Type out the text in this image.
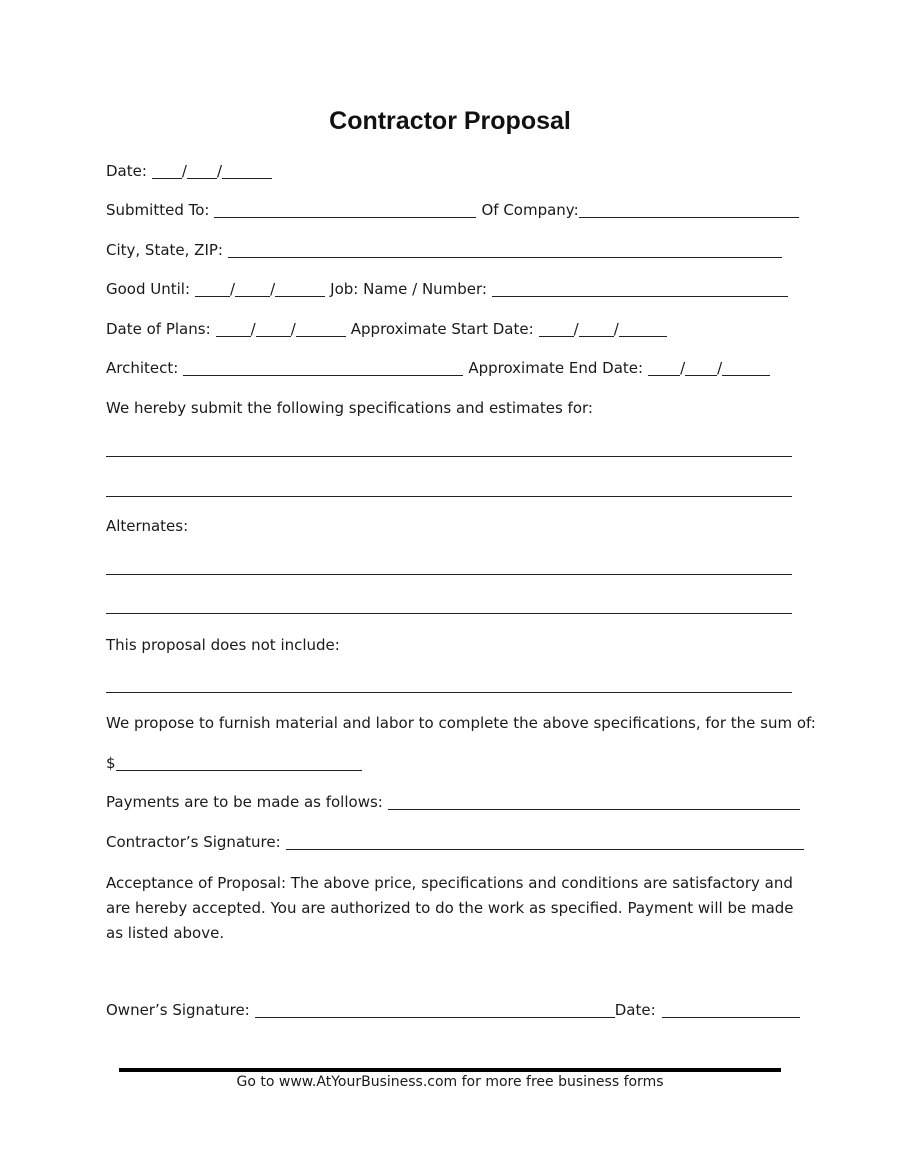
Contractor Proposal
Date: / /
Submitted To:	Of Company:
City, State, ZIP:
Good Until:	/ /	Job: Name / Number:
Date of Plans:	/ /	Approximate Start Date:	/ /
Architect:	Approximate End Date: / /
We hereby submit the following specifications and estimates for:
Alternates:
This proposal does not include:
We propose to furnish material and labor to complete the above specifications, for the sum of:
$
Payments are to be made as follows:
Contractor’s Signature:
Acceptance of Proposal: The above price, specifications and conditions are satisfactory and are hereby accepted. You are authorized to do the work as specified. Payment will be made as listed above.
Owner’s Signature:	Date:
Go to www.AtYourBusiness.com for more free business forms
